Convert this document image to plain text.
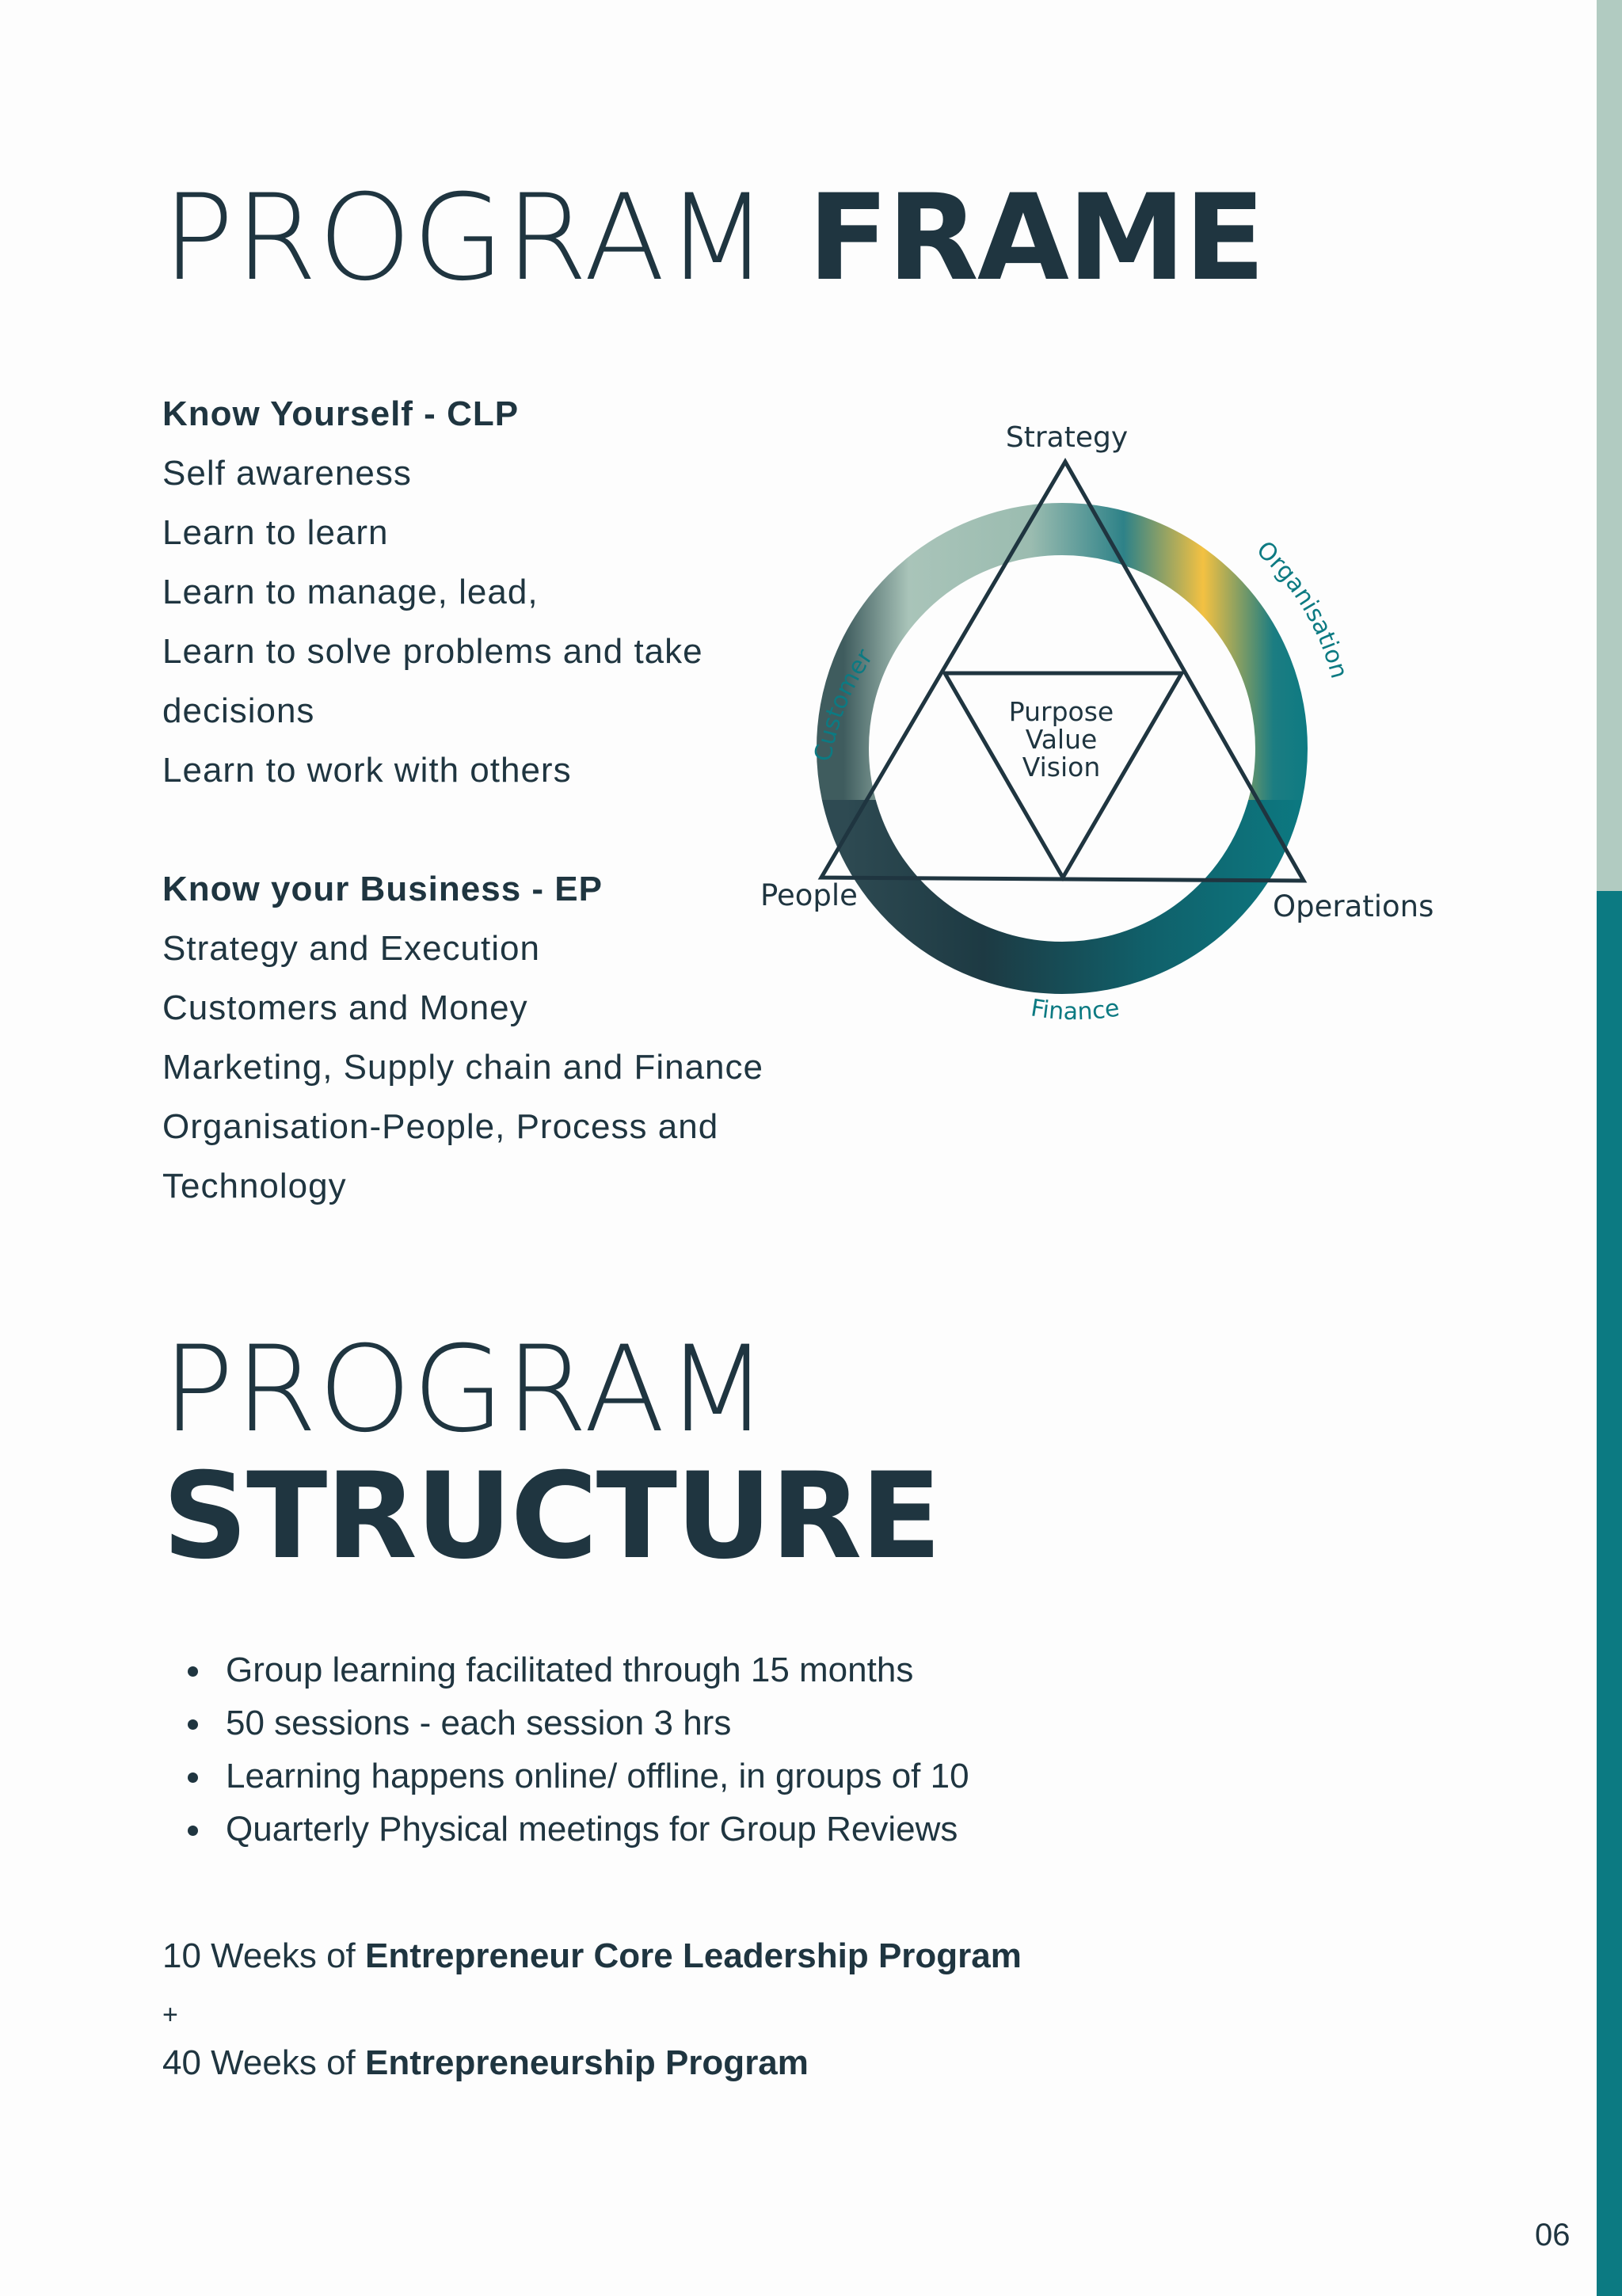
PROGRAM FRAME
Know Yourself - CLP
Self awareness
Learn to learn
Learn to manage, lead,
Learn to solve problems and take
decisions
Learn to work with others
Know your Business - EP
Strategy and Execution
Customers and Money
Marketing, Supply chain and Finance
Organisation-People, Process and
Technology
Strategy
People	Operations
Customer
Organisation
Finance
Purpose
Value
Vision
PROGRAM
STRUCTURE
Group learning facilitated through 15 months
50 sessions - each session 3 hrs
Learning happens online/ offline, in groups of 10
Quarterly Physical meetings for Group Reviews
10 Weeks of Entrepreneur Core Leadership Program
+
40 Weeks of Entrepreneurship Program
06
